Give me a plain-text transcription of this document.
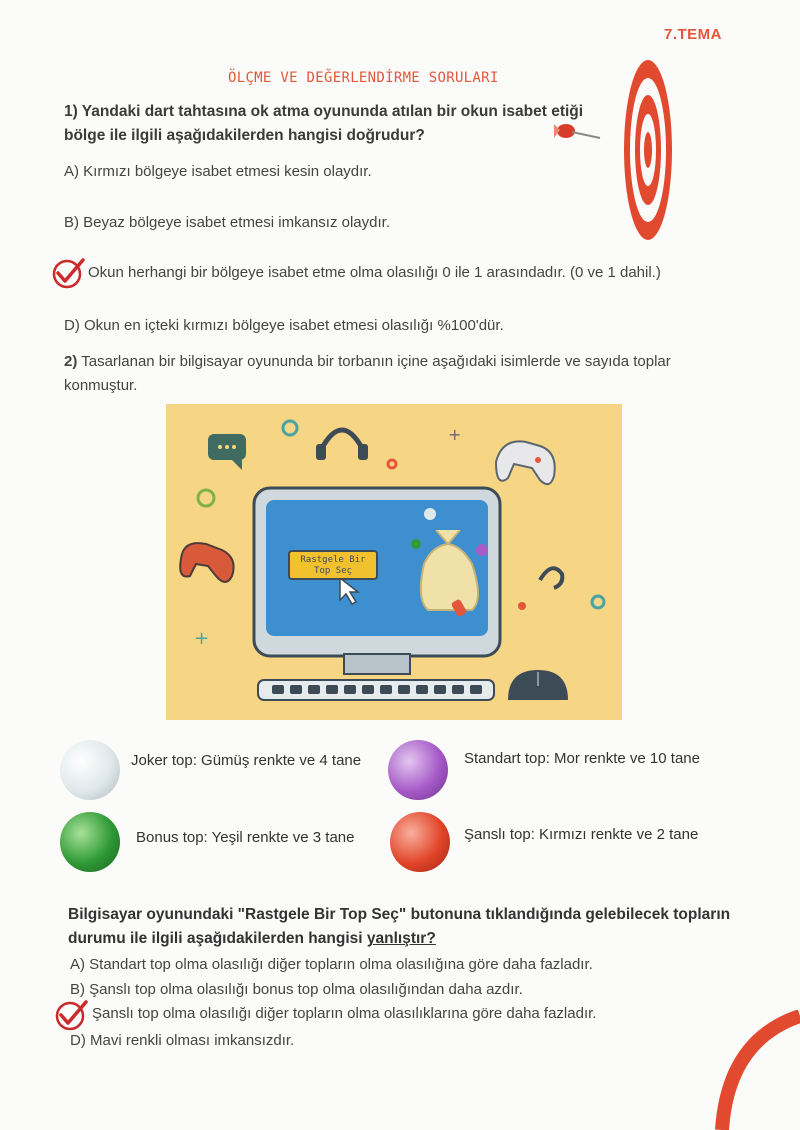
7.TEMA
ÖLÇME VE DEĞERLENDİRME SORULARI
1) Yandaki dart tahtasına ok atma oyununda atılan bir okun isabet etiği bölge ile ilgili aşağıdakilerden hangisi doğrudur?
A) Kırmızı bölgeye isabet etmesi kesin olaydır.
B) Beyaz bölgeye isabet etmesi imkansız olaydır.
Okun herhangi bir bölgeye isabet etme olma olasılığı 0 ile 1 arasındadır. (0 ve 1 dahil.)
D) Okun en içteki kırmızı bölgeye isabet etmesi olasılığı %100'dür.
2) Tasarlanan bir bilgisayar oyununda bir torbanın içine aşağıdaki isimlerde ve sayıda toplar konmuştur.
+
+
Rastgele Bir Top Seç
Joker top: Gümüş renkte ve 4 tane	Standart top: Mor renkte ve 10 tane
Bonus top: Yeşil renkte ve 3 tane	Şanslı top: Kırmızı renkte ve 2 tane
Bilgisayar oyunundaki "Rastgele Bir Top Seç" butonuna tıklandığında gelebilecek topların durumu ile ilgili aşağıdakilerden hangisi yanlıştır?
A) Standart top olma olasılığı diğer topların olma olasılığına göre daha fazladır.
B) Şanslı top olma olasılığı bonus top olma olasılığından daha azdır.
Şanslı top olma olasılığı diğer topların olma olasılıklarına göre daha fazladır.
D) Mavi renkli olması imkansızdır.
